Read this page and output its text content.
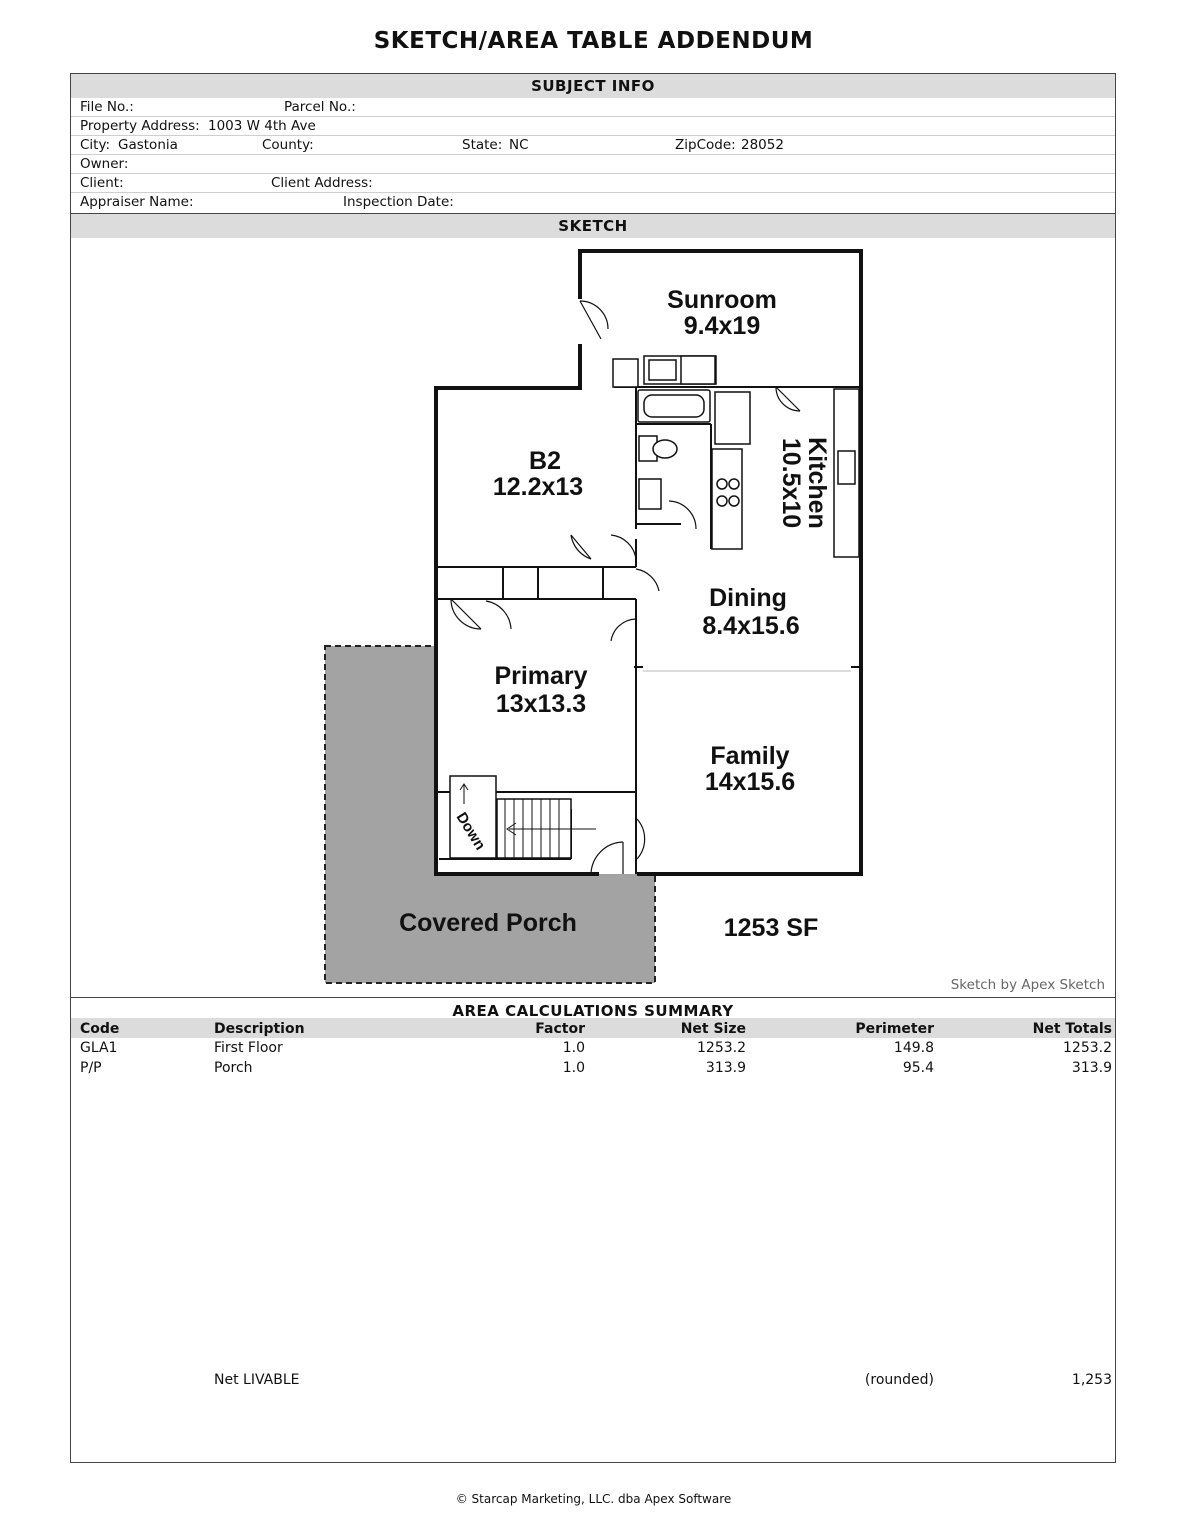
SKETCH/AREA TABLE ADDENDUM
SUBJECT INFO
File No.:	Parcel No.:
Property Address: 1003 W 4th Ave
City: Gastonia	County:	State: NC	ZipCode: 28052
Owner:
Client:	Client Address:
Appraiser Name:	Inspection Date:
SKETCH
Sunroom
9.4x19
B2
12.2x13	Kitchen
10.5x10
Dining
8.4x15.6
Primary
13x13.3
Family
14x15.6
Down
Covered Porch	1253 SF
Sketch by Apex Sketch
AREA CALCULATIONS SUMMARY
Code	Description	Factor	Net Size	Perimeter	Net Totals
GLA1	First Floor	1.0	1253.2	149.8	1253.2
P/P	Porch	1.0	313.9	95.4	313.9
Net LIVABLE	(rounded)	1,253
© Starcap Marketing, LLC. dba Apex Software
